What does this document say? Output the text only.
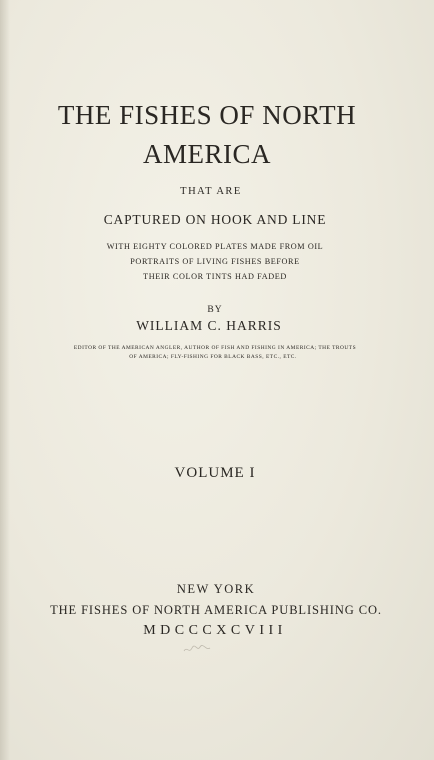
THE FISHES OF NORTH
AMERICA

THAT ARE

CAPTURED ON HOOK AND LINE

WITH EIGHTY COLORED PLATES MADE FROM OIL

PORTRAITS OF LIVING FISHES BEFORE

THEIR COLOR TINTS HAD FADED

BY

WILLIAM C. HARRIS

EDITOR OF THE AMERICAN ANGLER, AUTHOR OF FISH AND FISHING IN AMERICA; THE TROUTS

OF AMERICA; FLY-FISHING FOR BLACK BASS, ETC., ETC.

VOLUME I

NEW YORK

THE FISHES OF NORTH AMERICA PUBLISHING CO.

MDCCCXCVIII
